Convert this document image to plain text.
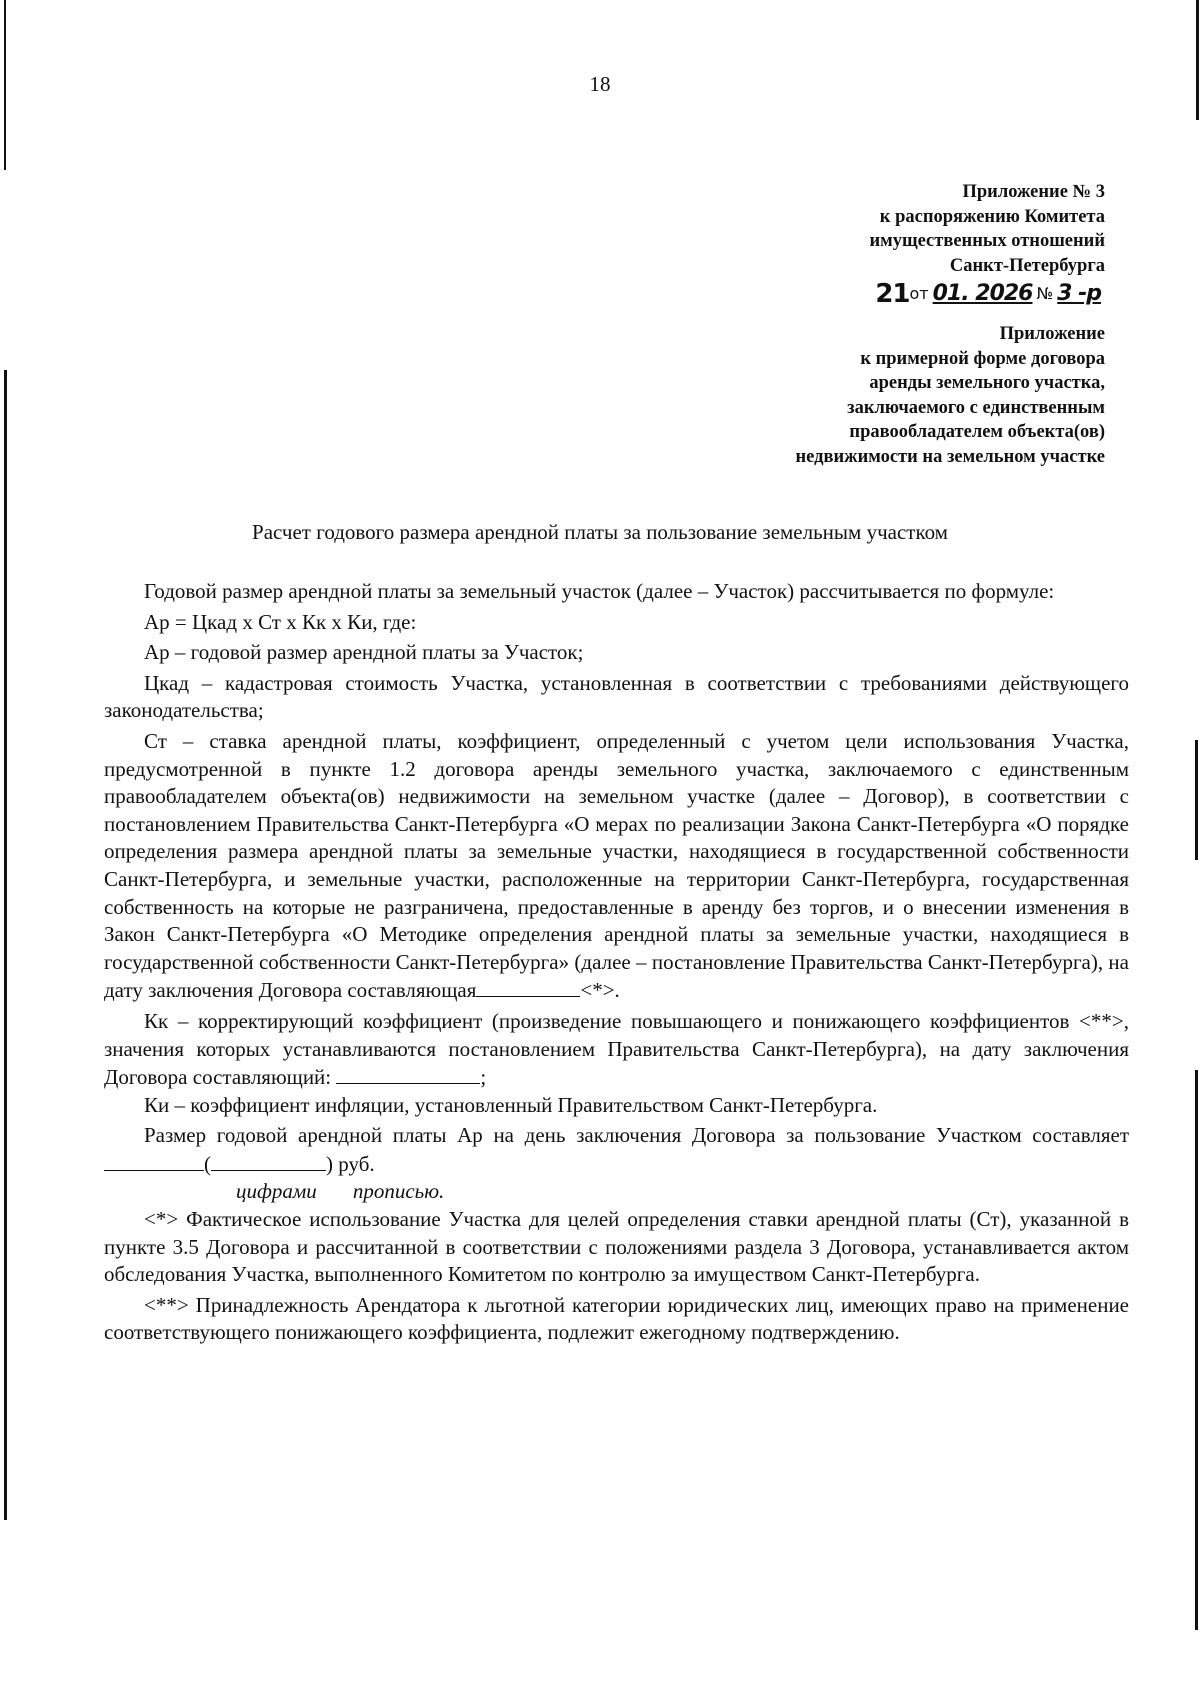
18
Приложение № 3
к распоряжению Комитета
имущественных отношений
Санкт-Петербурга
21 от 01. 2026 № 3 -р
Приложение
к примерной форме договора
аренды земельного участка,
заключаемого с единственным
правообладателем объекта(ов)
недвижимости на земельном участке
Расчет годового размера арендной платы за пользование земельным участком

Годовой размер арендной платы за земельный участок (далее – Участок) рассчитывается по формуле:

Ар = Цкад х Ст х Кк х Ки, где:

Ар – годовой размер арендной платы за Участок;

Цкад – кадастровая стоимость Участка, установленная в соответствии с требованиями действующего законодательства;

Ст – ставка арендной платы, коэффициент, определенный с учетом цели использования Участка, предусмотренной в пункте 1.2 договора аренды земельного участка, заключаемого с единственным правообладателем объекта(ов) недвижимости на земельном участке (далее – Договор), в соответствии с постановлением Правительства Санкт-Петербурга «О мерах по реализации Закона Санкт-Петербурга «О порядке определения размера арендной платы за земельные участки, находящиеся в государственной собственности Санкт-Петербурга, и земельные участки, расположенные на территории Санкт-Петербурга, государственная собственность на которые не разграничена, предоставленные в аренду без торгов, и о внесении изменения в Закон Санкт-Петербурга «О Методике определения арендной платы за земельные участки, находящиеся в государственной собственности Санкт-Петербурга» (далее – постановление Правительства Санкт-Петербурга), на дату заключения Договора составляющая	<*>.

Кк – корректирующий коэффициент (произведение повышающего и понижающего коэффициентов <**>, значения которых устанавливаются постановлением Правительства Санкт-Петербурга), на дату заключения Договора составляющий:	;

Ки – коэффициент инфляции, установленный Правительством Санкт-Петербурга.

Размер годовой арендной платы Ар на день заключения Договора за пользование Участком составляет(	) руб.

цифрами прописью.

<*> Фактическое использование Участка для целей определения ставки арендной платы (Ст), указанной в пункте 3.5 Договора и рассчитанной в соответствии с положениями раздела 3 Договора, устанавливается актом обследования Участка, выполненного Комитетом по контролю за имуществом Санкт-Петербурга.

<**> Принадлежность Арендатора к льготной категории юридических лиц, имеющих право на применение соответствующего понижающего коэффициента, подлежит ежегодному подтверждению.
